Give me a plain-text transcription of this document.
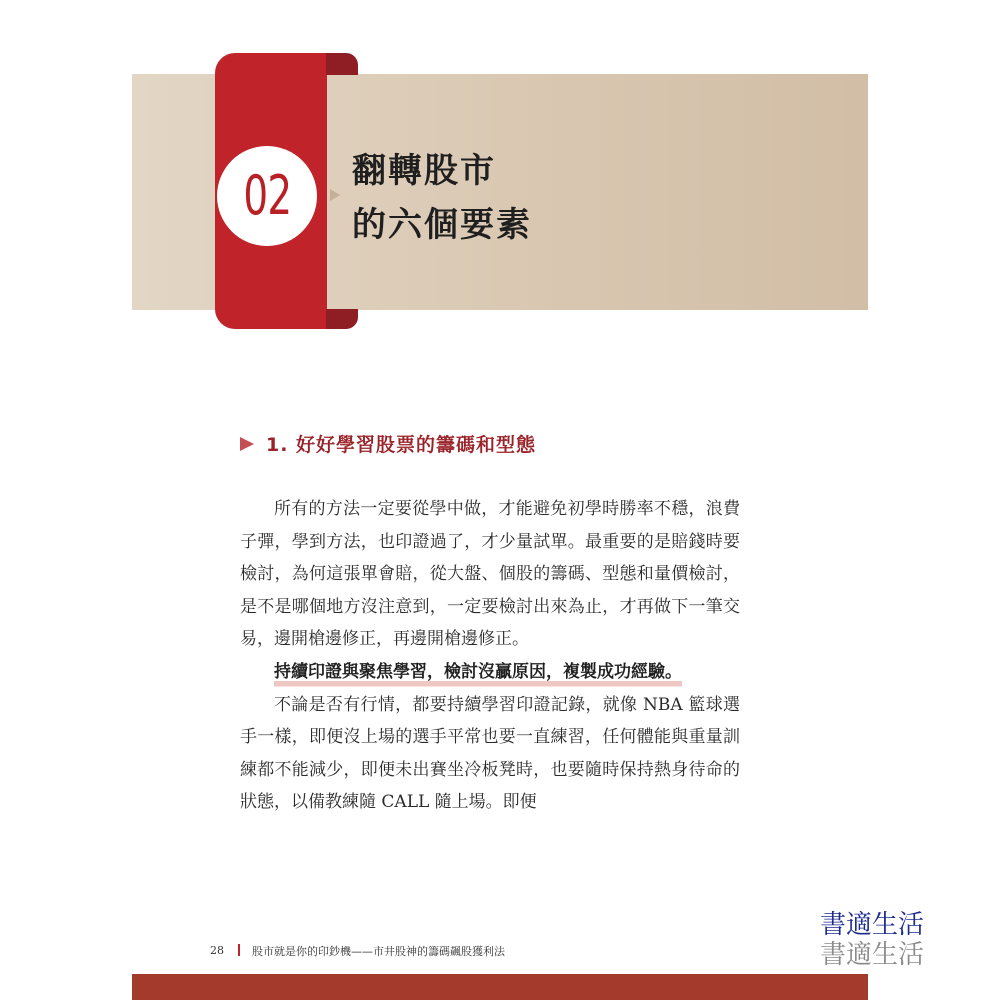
02 翻轉股市
的六個要素
1. 好好學習股票的籌碼和型態

所有的方法一定要從學中做，才能避免初學時勝率不穩，浪費子彈，學到方法，也印證過了，才少量試單。最重要的是賠錢時要檢討，為何這張單會賠，從大盤、個股的籌碼、型態和量價檢討，是不是哪個地方沒注意到，一定要檢討出來為止，才再做下一筆交易，邊開槍邊修正，再邊開槍邊修正。

持續印證與聚焦學習，檢討沒贏原因，複製成功經驗。

不論是否有行情，都要持續學習印證記錄，就像 NBA 籃球選手一樣，即便沒上場的選手平常也要一直練習，任何體能與重量訓練都不能減少，即便未出賽坐冷板凳時，也要隨時保持熱身待命的狀態，以備教練隨 CALL 隨上場。即便

28	股市就是你的印鈔機——市井股神的籌碼飆股獲利法
書適生活
書適生活
